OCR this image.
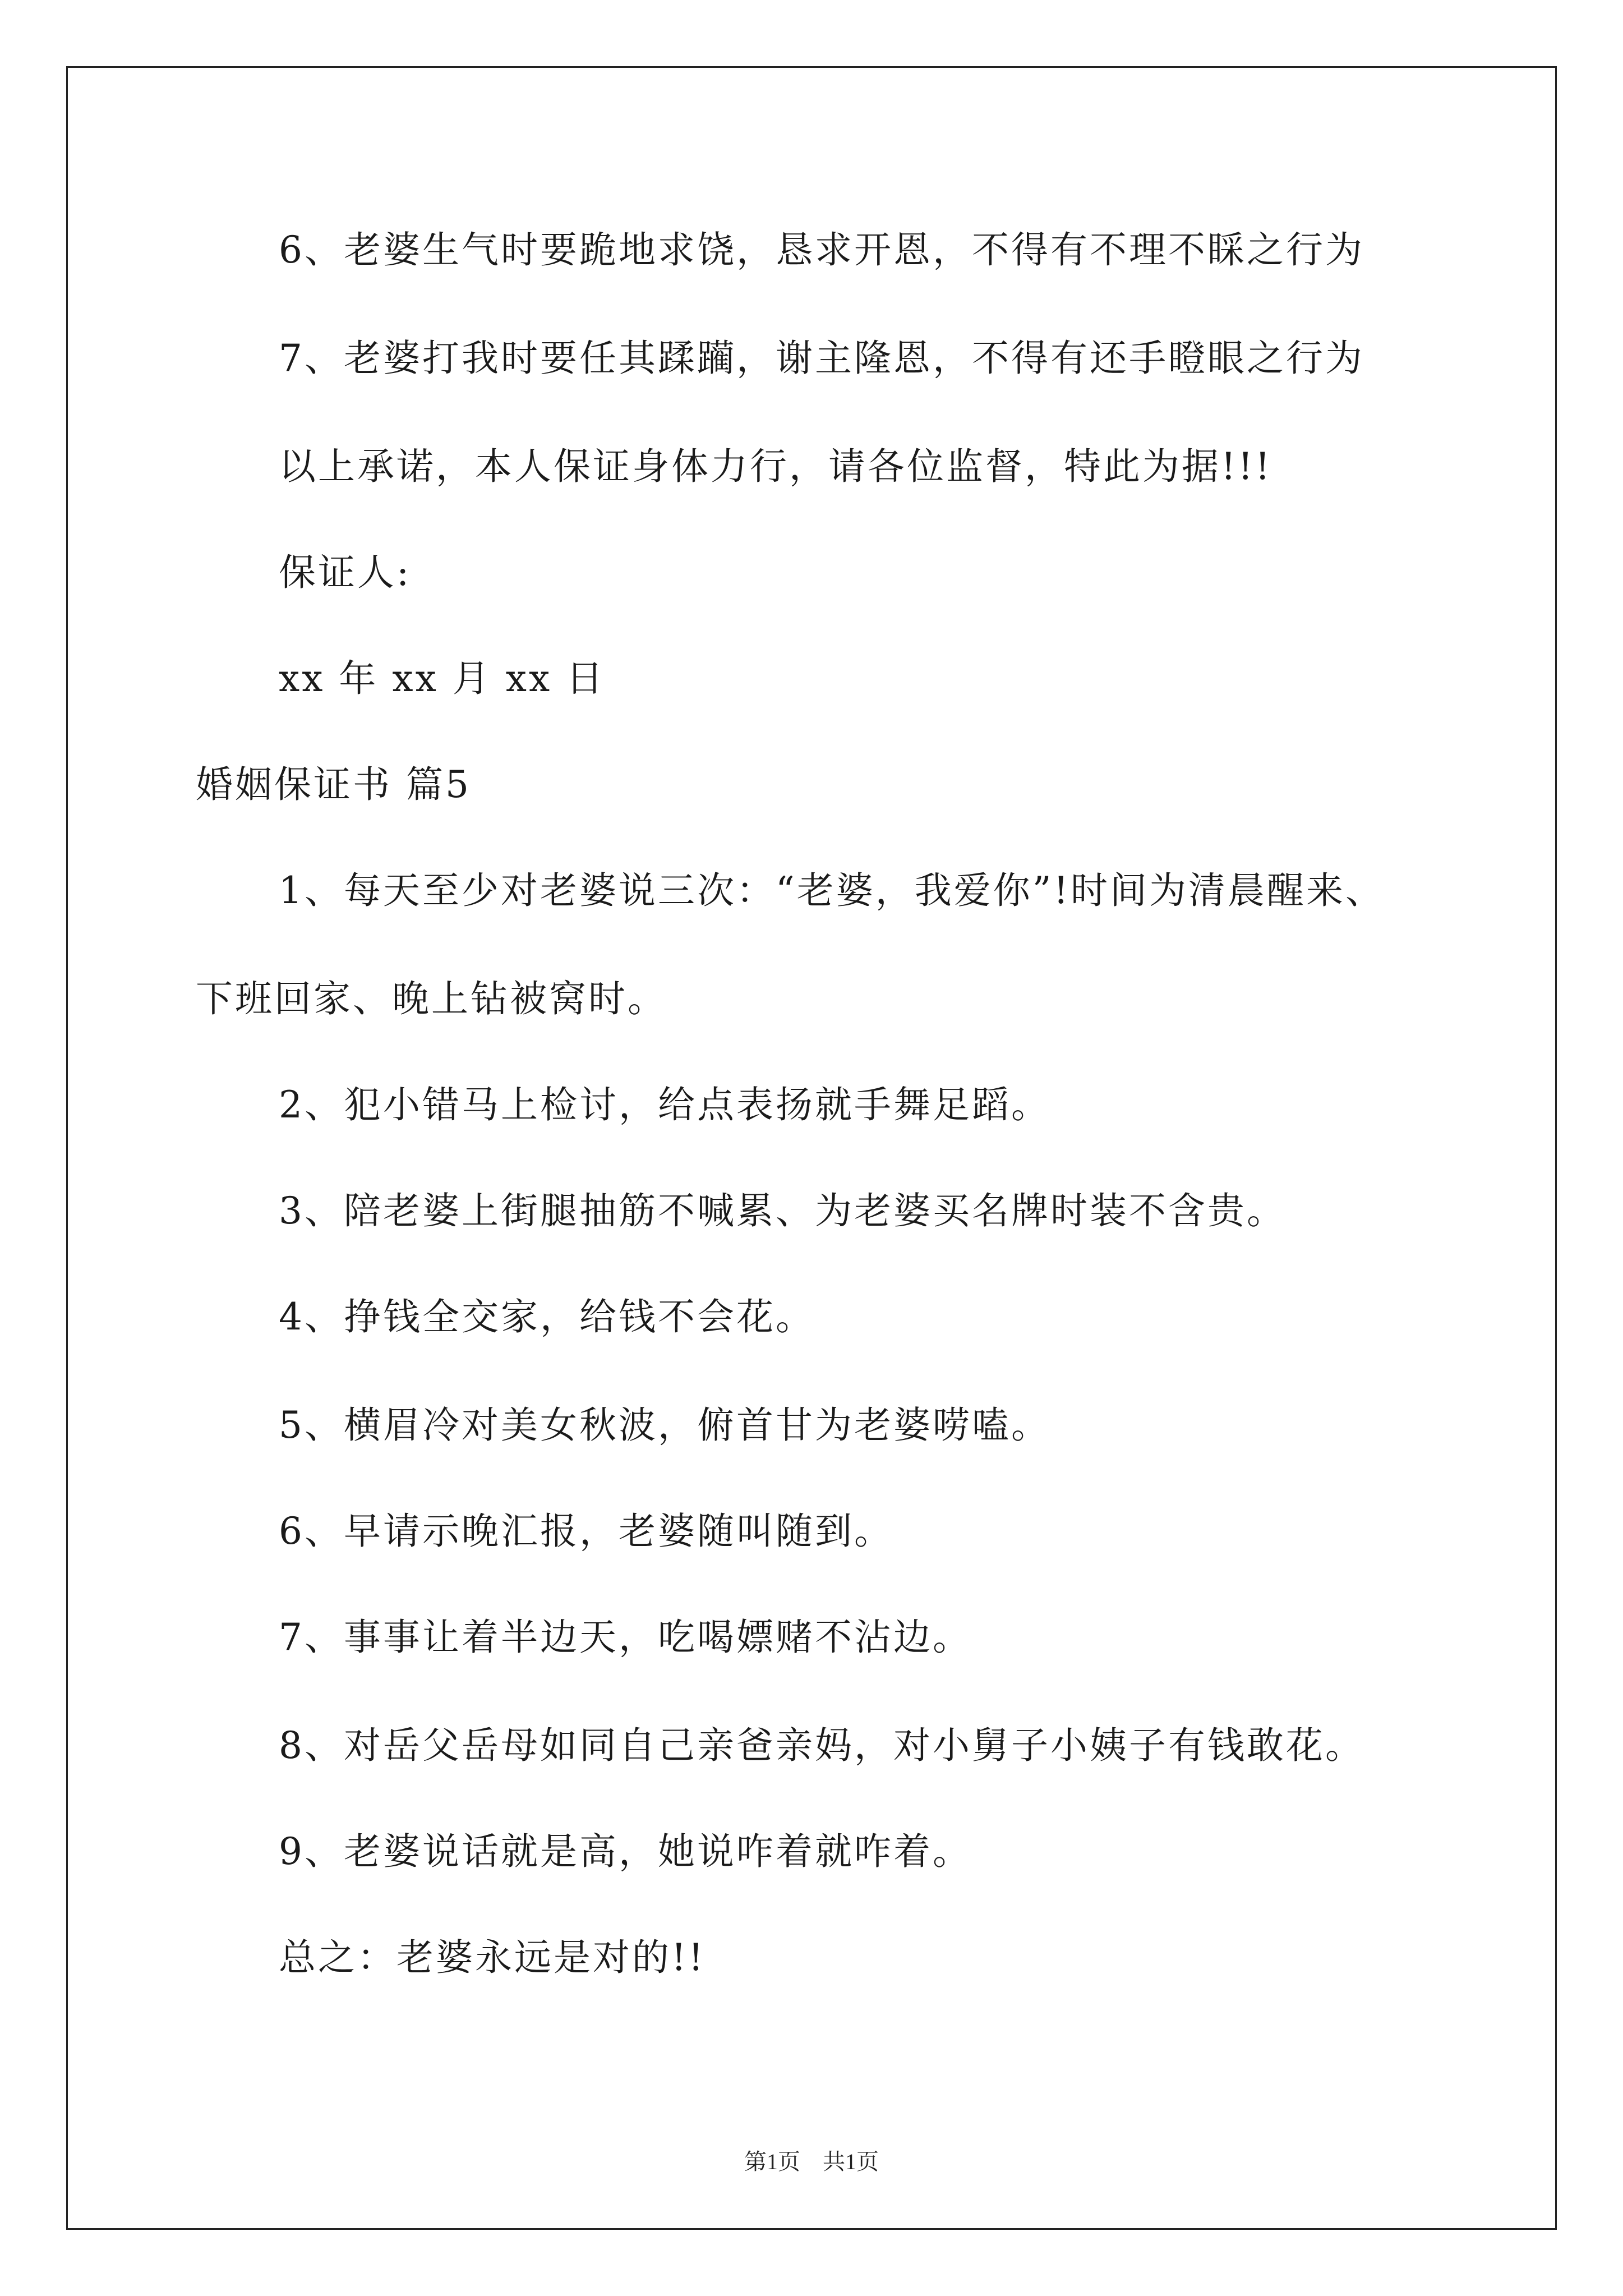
6、老婆生气时要跪地求饶，恳求开恩，不得有不理不睬之行为
7、老婆打我时要任其蹂躏，谢主隆恩，不得有还手瞪眼之行为
以上承诺，本人保证身体力行，请各位监督，特此为据!!!
保证人:
xx 年 xx 月 xx 日
婚姻保证书 篇5
1、每天至少对老婆说三次：“老婆，我爱你”!时间为清晨醒来、
下班回家、晚上钻被窝时。
2、犯小错马上检讨，给点表扬就手舞足蹈。
3、陪老婆上街腿抽筋不喊累、为老婆买名牌时装不含贵。
4、挣钱全交家，给钱不会花。
5、横眉冷对美女秋波，俯首甘为老婆唠嗑。
6、早请示晚汇报，老婆随叫随到。
7、事事让着半边天，吃喝嫖赌不沾边。
8、对岳父岳母如同自己亲爸亲妈，对小舅子小姨子有钱敢花。
9、老婆说话就是高，她说咋着就咋着。
总之：老婆永远是对的!!
第1页　共1页
